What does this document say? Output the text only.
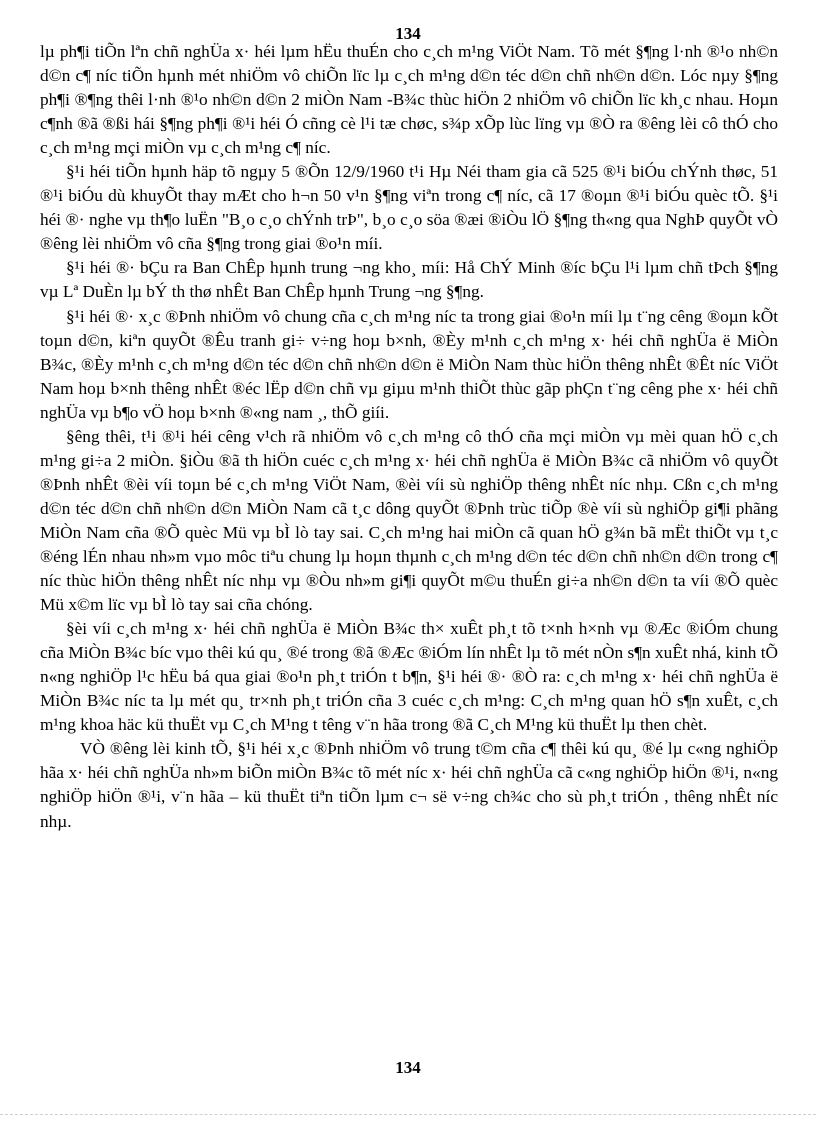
134

lµ ph¶i tiÕn lªn chñ nghÜa x· héi lµm hËu thuÉn cho c¸ch m¹ng ViÖt Nam. Tõ mét §¶ng l·nh ®¹o nh©n d©n c¶ níc tiÕn hµnh mét nhiÖm vô chiÕn lïc lµ c¸ch m¹ng d©n téc d©n chñ nh©n d©n. Lóc nµy §¶ng ph¶i ®¶ng thêi l·nh ®¹o nh©n d©n 2 miÒn Nam -B¾c thùc hiÖn 2 nhiÖm vô chiÕn lïc kh¸c nhau. Hoµn c¶nh ®ã ®ßi hái §¶ng ph¶i ®¹i héi Ó cñng cè l¹i tæ chøc, s¾p xÕp lùc lïng vµ ®Ò ra ®êng lèi cô thÓ cho c¸ch m¹ng mçi miÒn vµ c¸ch m¹ng c¶ níc.

§¹i héi tiÕn hµnh häp tõ ngµy 5 ®Õn 12/9/1960 t¹i Hµ Néi tham gia cã 525 ®¹i biÓu chÝnh thøc, 51 ®¹i biÓu dù khuyÕt thay mÆt cho h¬n 50 v¹n §¶ng viªn trong c¶ níc, cã 17 ®oµn ®¹i biÓu quèc tÕ. §¹i héi ®· nghe vµ th¶o luËn "B¸o c¸o chÝnh trÞ", b¸o c¸o söa ®æi ®iÒu lÖ §¶ng th«ng qua NghÞ quyÕt vÒ ®êng lèi nhiÖm vô cña §¶ng trong giai ®o¹n míi.

§¹i héi ®· bÇu ra Ban ChÊp hµnh trung ¬ng kho¸ míi: Hå ChÝ Minh ®íc bÇu l¹i lµm chñ tÞch §¶ng vµ Lª DuÈn lµ bÝ th thø nhÊt Ban ChÊp hµnh Trung ¬ng §¶ng.

§¹i héi ®· x¸c ®Þnh nhiÖm vô chung cña c¸ch m¹ng níc ta trong giai ®o¹n míi lµ t¨ng cêng ®oµn kÕt toµn d©n, kiªn quyÕt ®Êu tranh gi÷ v÷ng hoµ b×nh, ®Èy m¹nh c¸ch m¹ng x· héi chñ nghÜa ë MiÒn B¾c, ®Èy m¹nh c¸ch m¹ng d©n téc d©n chñ nh©n d©n ë MiÒn Nam thùc hiÖn thêng nhÊt ®Êt níc ViÖt Nam hoµ b×nh thêng nhÊt ®éc lËp d©n chñ vµ giµu m¹nh thiÕt thùc gãp phÇn t¨ng cêng phe x· héi chñ nghÜa vµ b¶o vÖ hoµ b×nh ®«ng nam ¸, thÕ giíi.

§êng thêi, t¹i ®¹i héi cêng v¹ch rã nhiÖm vô c¸ch m¹ng cô thÓ cña mçi miÒn vµ mèi quan hÖ c¸ch m¹ng gi÷a 2 miÒn. §iÒu ®ã th hiÖn cuéc c¸ch m¹ng x· héi chñ nghÜa ë MiÒn B¾c cã nhiÖm vô quyÕt ®Þnh nhÊt ®èi víi toµn bé c¸ch m¹ng ViÖt Nam, ®èi víi sù nghiÖp thêng nhÊt níc nhµ. Cßn c¸ch m¹ng d©n téc d©n chñ nh©n d©n MiÒn Nam cã t¸c dông quyÕt ®Þnh trùc tiÕp ®è víi sù nghiÖp gi¶i phãng MiÒn Nam cña ®Õ quèc Mü vµ bÌ lò tay sai. C¸ch m¹ng hai miÒn cã quan hÖ g¾n bã mËt thiÕt vµ t¸c ®éng lÉn nhau nh»m vµo môc tiªu chung lµ hoµn thµnh c¸ch m¹ng d©n téc d©n chñ nh©n d©n trong c¶ níc thùc hiÖn thêng nhÊt níc nhµ vµ ®Òu nh»m gi¶i quyÕt m©u thuÉn gi÷a nh©n d©n ta víi ®Õ quèc Mü x©m lïc vµ bÌ lò tay sai cña chóng.

§èi víi c¸ch m¹ng x· héi chñ nghÜa ë MiÒn B¾c th× xuÊt ph¸t tõ t×nh h×nh vµ ®Æc ®iÓm chung cña MiÒn B¾c bíc vµo thêi kú qu¸ ®é trong ®ã ®Æc ®iÓm lín nhÊt lµ tõ mét nÒn s¶n xuÊt nhá, kinh tÕ n«ng nghiÖp l¹c hËu bá qua giai ®o¹n ph¸t triÓn t b¶n, §¹i héi ®· ®Ò ra: c¸ch m¹ng x· héi chñ nghÜa ë MiÒn B¾c níc ta lµ mét qu¸ tr×nh ph¸t triÓn cña 3 cuéc c¸ch m¹ng: C¸ch m¹ng quan hÖ s¶n xuÊt, c¸ch m¹ng khoa häc kü thuËt vµ C¸ch M¹ng t têng v¨n hãa trong ®ã C¸ch M¹ng kü thuËt lµ then chèt.

VÒ ®êng lèi kinh tÕ, §¹i héi x¸c ®Þnh nhiÖm vô trung t©m cña c¶ thêi kú qu¸ ®é lµ c«ng nghiÖp hãa x· héi chñ nghÜa nh»m biÕn miÒn B¾c tõ mét níc x· héi chñ nghÜa cã c«ng nghiÖp hiÖn ®¹i, n«ng nghiÖp hiÖn ®¹i, v¨n hãa – kü thuËt tiªn tiÕn lµm c¬ së v÷ng ch¾c cho sù ph¸t triÓn , thêng nhÊt níc nhµ.

134
